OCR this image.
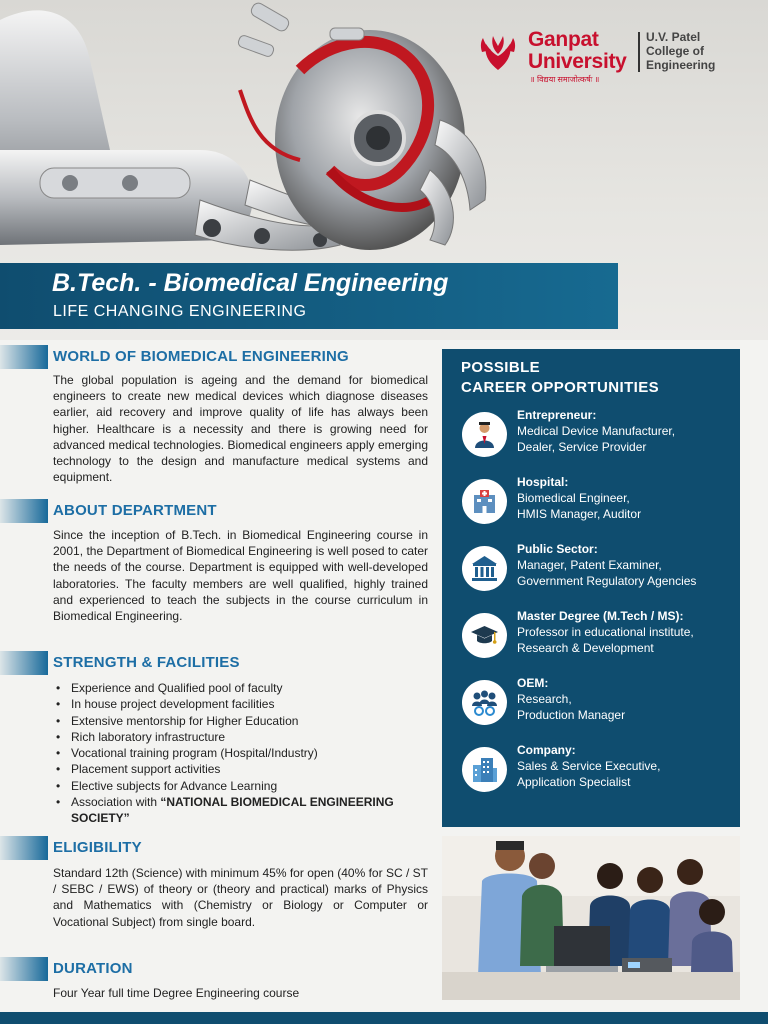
Ganpat
University
॥ विद्यया समाजोत्कर्षः ॥
U.V. Patel
College of
Engineering
B.Tech. - Biomedical Engineering
LIFE CHANGING ENGINEERING
WORLD OF BIOMEDICAL ENGINEERING
The global population is ageing and the demand for biomedical engineers to create new medical devices which diagnose diseases earlier, aid recovery and improve quality of life has always been higher. Healthcare is a necessity and there is growing need for advanced medical technologies. Biomedical engineers apply emerging technology to the design and manufacture medical systems and equipment.
ABOUT DEPARTMENT
Since the inception of B.Tech. in Biomedical Engineering course in 2001, the Department of Biomedical Engineering is well posed to cater the needs of the course. Department is equipped with well-developed laboratories. The faculty members are well qualified, highly trained and experienced to teach the subjects in the course curriculum in Biomedical Engineering.
STRENGTH & FACILITIES
• Experience and Qualified pool of faculty
• In house project development facilities
• Extensive mentorship for Higher Education
• Rich laboratory infrastructure
• Vocational training program (Hospital/Industry)
• Placement support activities
• Elective subjects for Advance Learning
• Association with “NATIONAL BIOMEDICAL ENGINEERING SOCIETY”
ELIGIBILITY
Standard 12th (Science) with minimum 45% for open (40% for SC / ST / SEBC / EWS) of theory or (theory and practical) marks of Physics and Mathematics with (Chemistry or Biology or Computer or Vocational Subject) from single board.
DURATION
Four Year full time Degree Engineering course
POSSIBLE
CAREER OPPORTUNITIES
Entrepreneur:
Medical Device Manufacturer,
Dealer, Service Provider
Hospital:
Biomedical Engineer,
HMIS Manager, Auditor
Public Sector:
Manager, Patent Examiner,
Government Regulatory Agencies
Master Degree (M.Tech / MS):
Professor in educational institute,
Research & Development
OEM:
Research,
Production Manager
Company:
Sales & Service Executive,
Application Specialist
